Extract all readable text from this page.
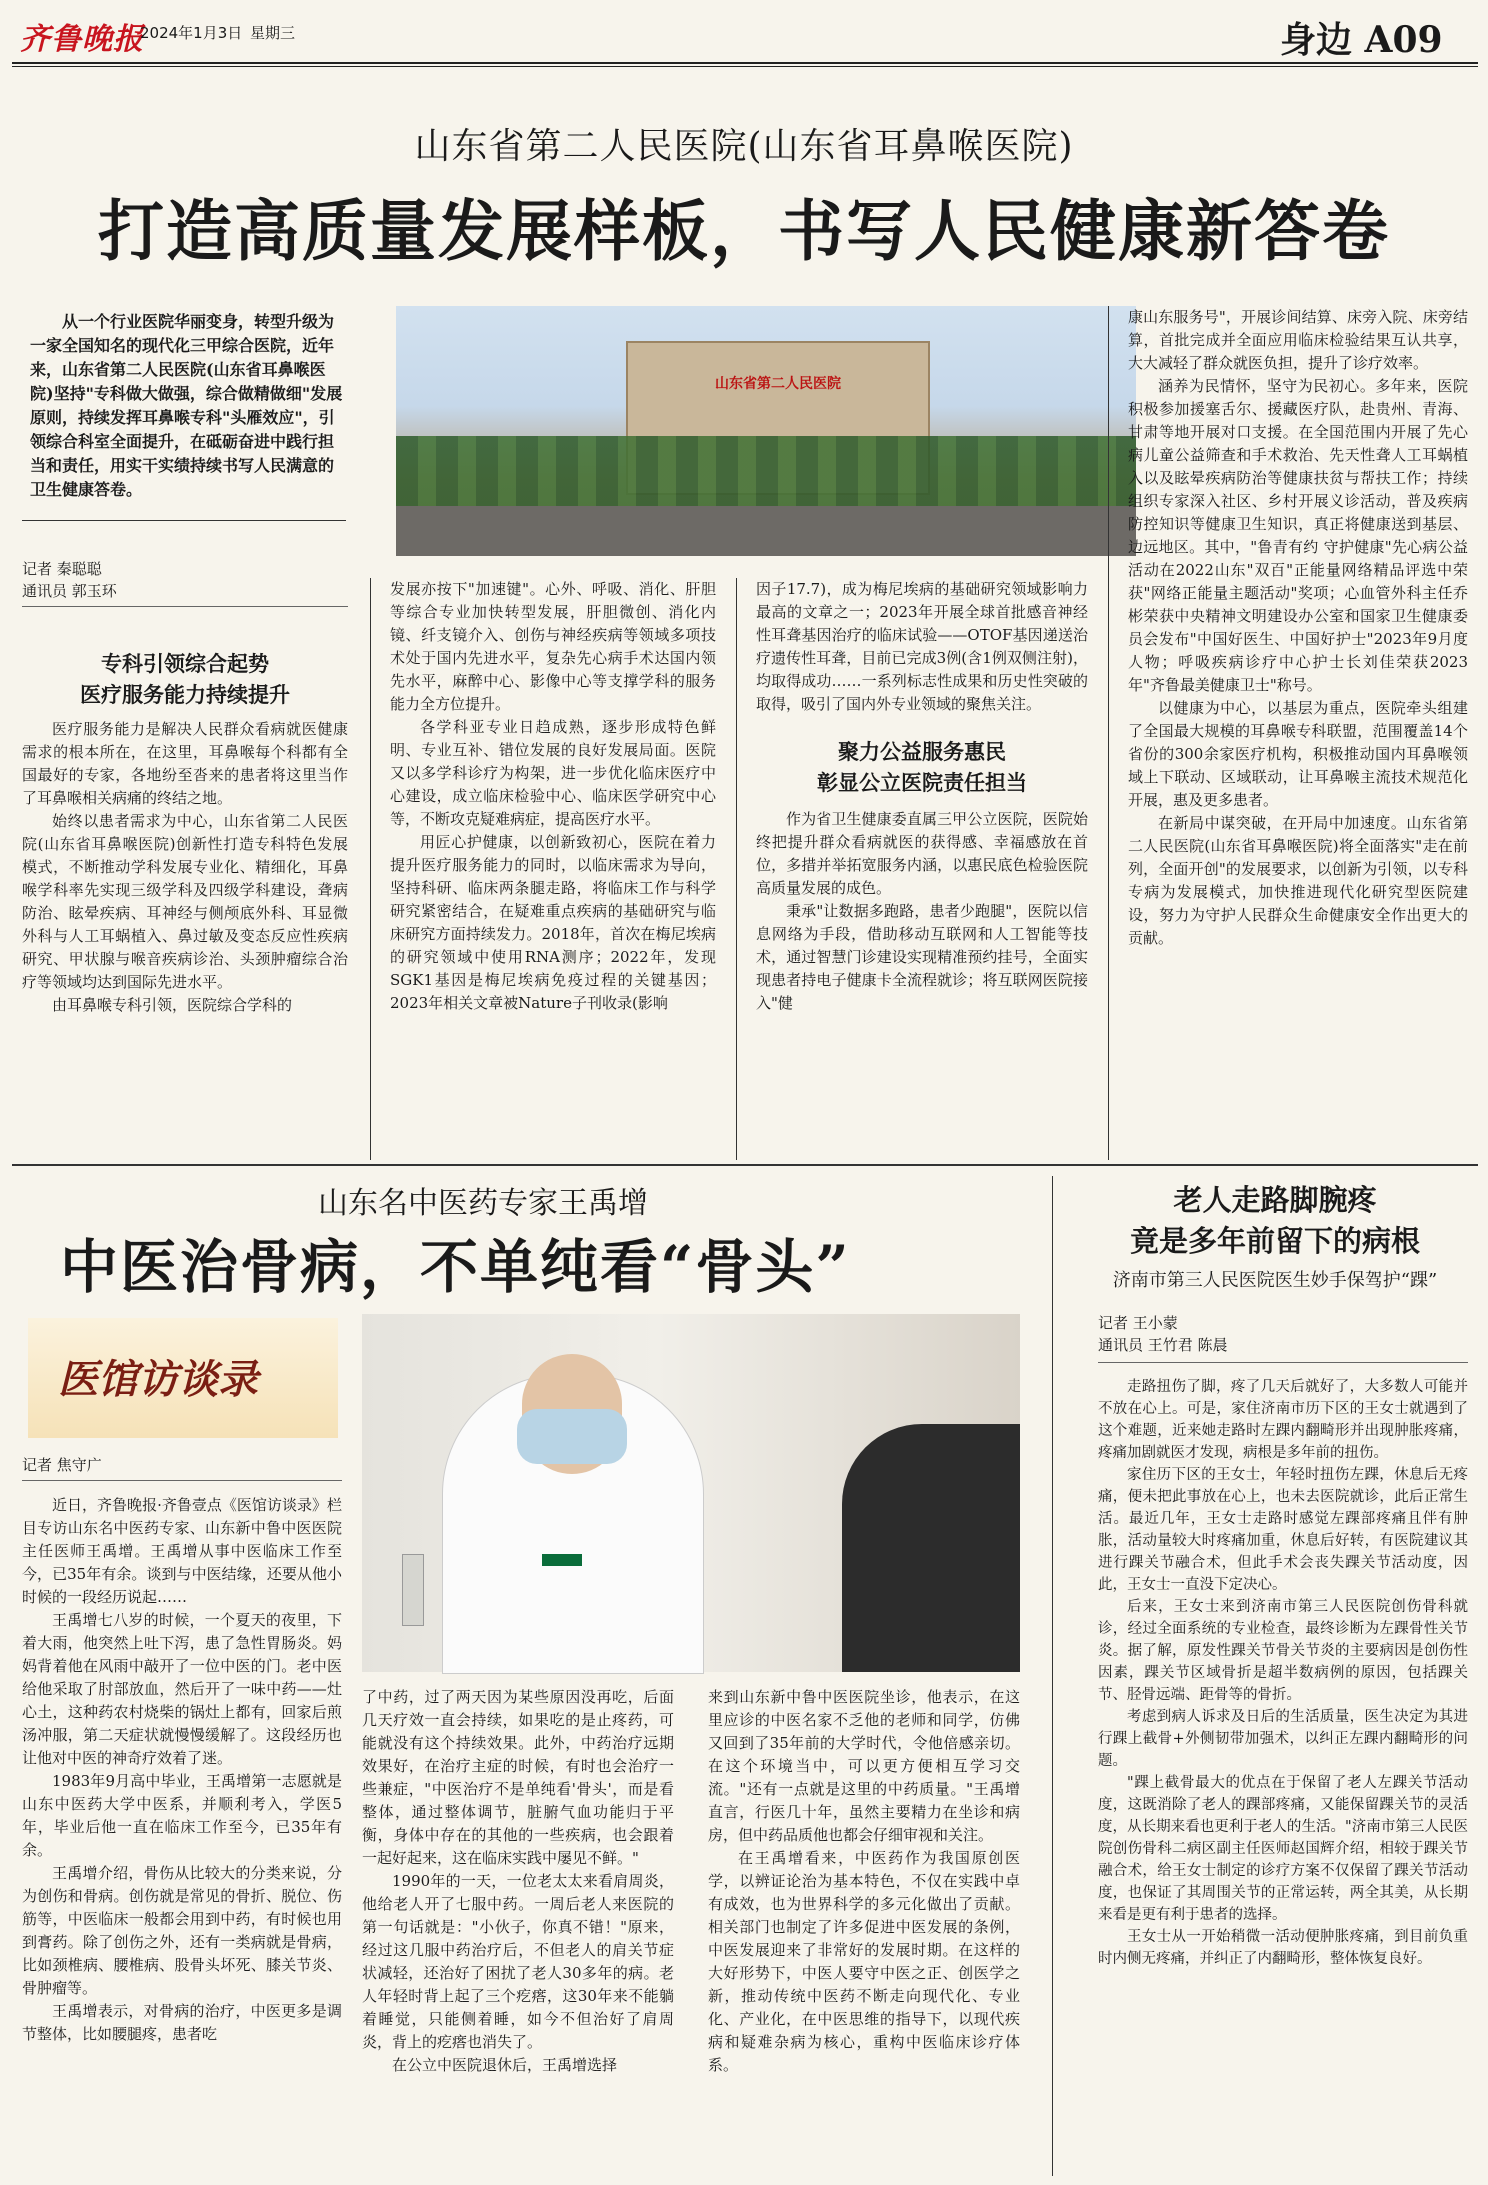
齐鲁晚报
2024年1月3日 星期三	身边 A09
山东省第二人民医院(山东省耳鼻喉医院)
打造高质量发展样板，书写人民健康新答卷

从一个行业医院华丽变身，转型升级为一家全国知名的现代化三甲综合医院，近年来，山东省第二人民医院(山东省耳鼻喉医院)坚持"专科做大做强，综合做精做细"发展原则，持续发挥耳鼻喉专科"头雁效应"，引领综合科室全面提升，在砥砺奋进中践行担当和责任，用实干实绩持续书写人民满意的卫生健康答卷。

记者 秦聪聪
通讯员 郭玉环
山东省第二人民医院
专科引领综合起势
医疗服务能力持续提升

医疗服务能力是解决人民群众看病就医健康需求的根本所在，在这里，耳鼻喉每个科都有全国最好的专家，各地纷至沓来的患者将这里当作了耳鼻喉相关病痛的终结之地。

始终以患者需求为中心，山东省第二人民医院(山东省耳鼻喉医院)创新性打造专科特色发展模式，不断推动学科发展专业化、精细化，耳鼻喉学科率先实现三级学科及四级学科建设，聋病防治、眩晕疾病、耳神经与侧颅底外科、耳显微外科与人工耳蜗植入、鼻过敏及变态反应性疾病研究、甲状腺与喉音疾病诊治、头颈肿瘤综合治疗等领域均达到国际先进水平。

由耳鼻喉专科引领，医院综合学科的

发展亦按下"加速键"。心外、呼吸、消化、肝胆等综合专业加快转型发展，肝胆微创、消化内镜、纤支镜介入、创伤与神经疾病等领域多项技术处于国内先进水平，复杂先心病手术达国内领先水平，麻醉中心、影像中心等支撑学科的服务能力全方位提升。

各学科亚专业日趋成熟，逐步形成特色鲜明、专业互补、错位发展的良好发展局面。医院又以多学科诊疗为构架，进一步优化临床医疗中心建设，成立临床检验中心、临床医学研究中心等，不断攻克疑难病症，提高医疗水平。

用匠心护健康，以创新致初心，医院在着力提升医疗服务能力的同时，以临床需求为导向，坚持科研、临床两条腿走路，将临床工作与科学研究紧密结合，在疑难重点疾病的基础研究与临床研究方面持续发力。2018年，首次在梅尼埃病的研究领域中使用RNA测序；2022年，发现SGK1基因是梅尼埃病免疫过程的关键基因；2023年相关文章被Nature子刊收录(影响

因子17.7)，成为梅尼埃病的基础研究领域影响力最高的文章之一；2023年开展全球首批感音神经性耳聋基因治疗的临床试验——OTOF基因递送治疗遗传性耳聋，目前已完成3例(含1例双侧注射)，均取得成功……一系列标志性成果和历史性突破的取得，吸引了国内外专业领域的聚焦关注。

聚力公益服务惠民
彰显公立医院责任担当

作为省卫生健康委直属三甲公立医院，医院始终把提升群众看病就医的获得感、幸福感放在首位，多措并举拓宽服务内涵，以惠民底色检验医院高质量发展的成色。

秉承"让数据多跑路，患者少跑腿"，医院以信息网络为手段，借助移动互联网和人工智能等技术，通过智慧门诊建设实现精准预约挂号，全面实现患者持电子健康卡全流程就诊；将互联网医院接入"健

康山东服务号"，开展诊间结算、床旁入院、床旁结算，首批完成并全面应用临床检验结果互认共享，大大减轻了群众就医负担，提升了诊疗效率。

涵养为民情怀，坚守为民初心。多年来，医院积极参加援塞舌尔、援藏医疗队，赴贵州、青海、甘肃等地开展对口支援。在全国范围内开展了先心病儿童公益筛查和手术救治、先天性聋人工耳蜗植入以及眩晕疾病防治等健康扶贫与帮扶工作；持续组织专家深入社区、乡村开展义诊活动，普及疾病防控知识等健康卫生知识，真正将健康送到基层、边远地区。其中，"鲁青有约 守护健康"先心病公益活动在2022山东"双百"正能量网络精品评选中荣获"网络正能量主题活动"奖项；心血管外科主任乔彬荣获中央精神文明建设办公室和国家卫生健康委员会发布"中国好医生、中国好护士"2023年9月度人物；呼吸疾病诊疗中心护士长刘佳荣获2023年"齐鲁最美健康卫士"称号。

以健康为中心，以基层为重点，医院牵头组建了全国最大规模的耳鼻喉专科联盟，范围覆盖14个省份的300余家医疗机构，积极推动国内耳鼻喉领域上下联动、区域联动，让耳鼻喉主流技术规范化开展，惠及更多患者。

在新局中谋突破，在开局中加速度。山东省第二人民医院(山东省耳鼻喉医院)将全面落实"走在前列，全面开创"的发展要求，以创新为引领，以专科专病为发展模式，加快推进现代化研究型医院建设，努力为守护人民群众生命健康安全作出更大的贡献。

山东名中医药专家王禹增
中医治骨病，不单纯看“骨头”
医馆访谈录
记者 焦守广

近日，齐鲁晚报·齐鲁壹点《医馆访谈录》栏目专访山东名中医药专家、山东新中鲁中医医院主任医师王禹增。王禹增从事中医临床工作至今，已35年有余。谈到与中医结缘，还要从他小时候的一段经历说起……

王禹增七八岁的时候，一个夏天的夜里，下着大雨，他突然上吐下泻，患了急性胃肠炎。妈妈背着他在风雨中敲开了一位中医的门。老中医给他采取了肘部放血，然后开了一味中药——灶心土，这种药农村烧柴的锅灶上都有，回家后煎汤冲服，第二天症状就慢慢缓解了。这段经历也让他对中医的神奇疗效着了迷。

1983年9月高中毕业，王禹增第一志愿就是山东中医药大学中医系，并顺利考入，学医5年，毕业后他一直在临床工作至今，已35年有余。

王禹增介绍，骨伤从比较大的分类来说，分为创伤和骨病。创伤就是常见的骨折、脱位、伤筋等，中医临床一般都会用到中药，有时候也用到膏药。除了创伤之外，还有一类病就是骨病，比如颈椎病、腰椎病、股骨头坏死、膝关节炎、骨肿瘤等。

王禹增表示，对骨病的治疗，中医更多是调节整体，比如腰腿疼，患者吃

了中药，过了两天因为某些原因没再吃，后面几天疗效一直会持续，如果吃的是止疼药，可能就没有这个持续效果。此外，中药治疗远期效果好，在治疗主症的时候，有时也会治疗一些兼症，"中医治疗不是单纯看'骨头'，而是看整体，通过整体调节，脏腑气血功能归于平衡，身体中存在的其他的一些疾病，也会跟着一起好起来，这在临床实践中屡见不鲜。"

1990年的一天，一位老太太来看肩周炎，他给老人开了七服中药。一周后老人来医院的第一句话就是："小伙子，你真不错！"原来，经过这几服中药治疗后，不但老人的肩关节症状减轻，还治好了困扰了老人30多年的病。老人年轻时背上起了三个疙瘩，这30年来不能躺着睡觉，只能侧着睡，如今不但治好了肩周炎，背上的疙瘩也消失了。

在公立中医院退休后，王禹增选择

来到山东新中鲁中医医院坐诊，他表示，在这里应诊的中医名家不乏他的老师和同学，仿佛又回到了35年前的大学时代，令他倍感亲切。在这个环境当中，可以更方便相互学习交流。"还有一点就是这里的中药质量。"王禹增直言，行医几十年，虽然主要精力在坐诊和病房，但中药品质他也都会仔细审视和关注。

在王禹增看来，中医药作为我国原创医学，以辨证论治为基本特色，不仅在实践中卓有成效，也为世界科学的多元化做出了贡献。相关部门也制定了许多促进中医发展的条例，中医发展迎来了非常好的发展时期。在这样的大好形势下，中医人要守中医之正、创医学之新，推动传统中医药不断走向现代化、专业化、产业化，在中医思维的指导下，以现代疾病和疑难杂病为核心，重构中医临床诊疗体系。

老人走路脚腕疼
竟是多年前留下的病根
济南市第三人民医院医生妙手保驾护“踝”
记者 王小蒙
通讯员 王竹君 陈晨

走路扭伤了脚，疼了几天后就好了，大多数人可能并不放在心上。可是，家住济南市历下区的王女士就遇到了这个难题，近来她走路时左踝内翻畸形并出现肿胀疼痛，疼痛加剧就医才发现，病根是多年前的扭伤。

家住历下区的王女士，年轻时扭伤左踝，休息后无疼痛，便未把此事放在心上，也未去医院就诊，此后正常生活。最近几年，王女士走路时感觉左踝部疼痛且伴有肿胀，活动量较大时疼痛加重，休息后好转，有医院建议其进行踝关节融合术，但此手术会丧失踝关节活动度，因此，王女士一直没下定决心。

后来，王女士来到济南市第三人民医院创伤骨科就诊，经过全面系统的专业检查，最终诊断为左踝骨性关节炎。据了解，原发性踝关节骨关节炎的主要病因是创伤性因素，踝关节区域骨折是超半数病例的原因，包括踝关节、胫骨远端、距骨等的骨折。

考虑到病人诉求及日后的生活质量，医生决定为其进行踝上截骨+外侧韧带加强术，以纠正左踝内翻畸形的问题。

"踝上截骨最大的优点在于保留了老人左踝关节活动度，这既消除了老人的踝部疼痛，又能保留踝关节的灵活度，从长期来看也更利于老人的生活。"济南市第三人民医院创伤骨科二病区副主任医师赵国辉介绍，相较于踝关节融合术，给王女士制定的诊疗方案不仅保留了踝关节活动度，也保证了其周围关节的正常运转，两全其美，从长期来看是更有利于患者的选择。

王女士从一开始稍微一活动便肿胀疼痛，到目前负重时内侧无疼痛，并纠正了内翻畸形，整体恢复良好。
